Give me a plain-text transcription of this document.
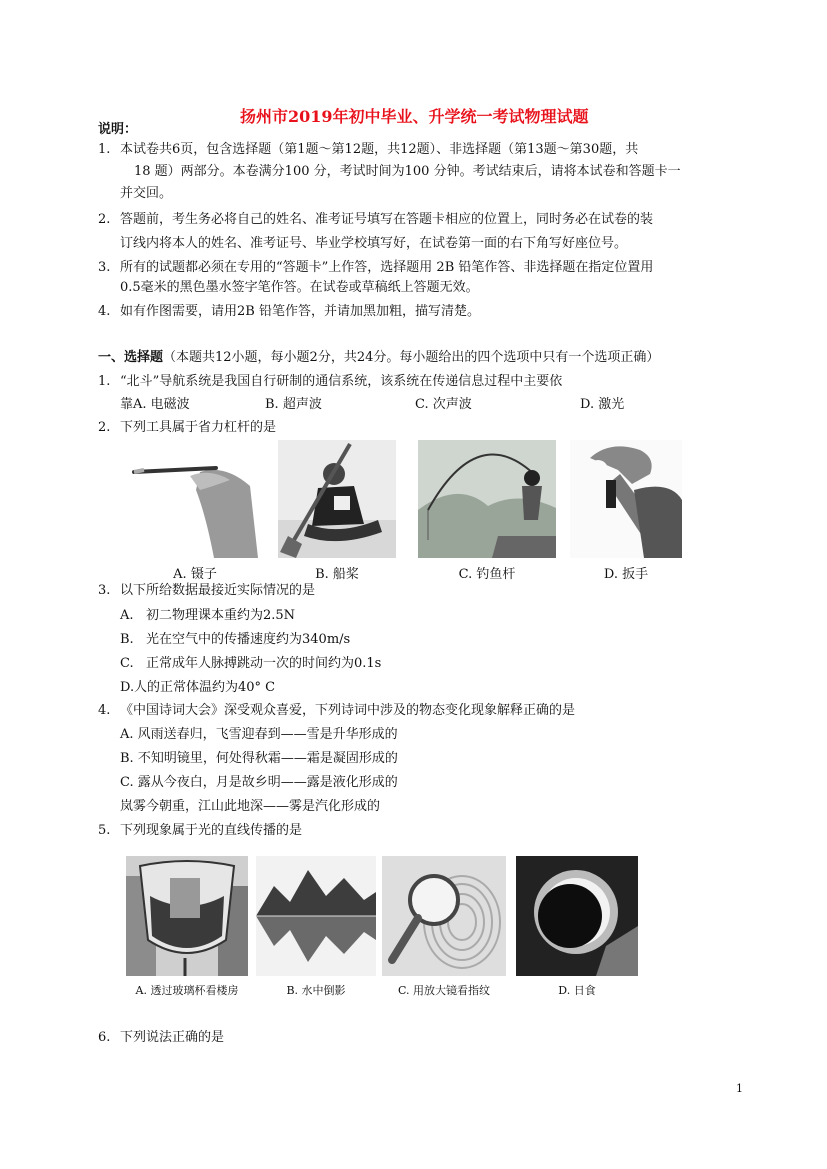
扬州市2019年初中毕业、升学统一考试物理试题
说明：
1. 本试卷共6页，包含选择题（第1题～第12题，共12题）、非选择题（第13题～第30题，共
18 题）两部分。本卷满分100 分，考试时间为100 分钟。考试结束后，请将本试卷和答题卡一
并交回。
2. 答题前，考生务必将自己的姓名、准考证号填写在答题卡相应的位置上，同时务必在试卷的装
订线内将本人的姓名、准考证号、毕业学校填写好，在试卷第一面的右下角写好座位号。
3. 所有的试题都必须在专用的“答题卡”上作答，选择题用 2B 铅笔作答、非选择题在指定位置用
0.5毫米的黑色墨水签字笔作答。在试卷或草稿纸上答题无效。
4. 如有作图需要，请用2B 铅笔作答，并请加黑加粗，描写清楚。
一、选择题（本题共12小题，每小题2分，共24分。每小题给出的四个选项中只有一个选项正确）
1. “北斗”导航系统是我国自行研制的通信系统，该系统在传递信息过程中主要依
靠A. 电磁波	B. 超声波	C. 次声波	D. 激光
2. 下列工具属于省力杠杆的是
A. 镊子	B. 船桨	C. 钓鱼杆	D. 扳手
3. 以下所给数据最接近实际情况的是
A. 初二物理课本重约为2.5N
B. 光在空气中的传播速度约为340m/s
C. 正常成年人脉搏跳动一次的时间约为0.1s
D. 人的正常体温约为40° C
4. 《中国诗词大会》深受观众喜爱，下列诗词中涉及的物态变化现象解释正确的是
A. 风雨送春归，飞雪迎春到——雪是升华形成的
B. 不知明镜里，何处得秋霜——霜是凝固形成的
C. 露从今夜白，月是故乡明——露是液化形成的
岚雾今朝重，江山此地深——雾是汽化形成的
5. 下列现象属于光的直线传播的是
A. 透过玻璃杯看楼房	B. 水中倒影	C. 用放大镜看指纹	D. 日食
6. 下列说法正确的是
1
